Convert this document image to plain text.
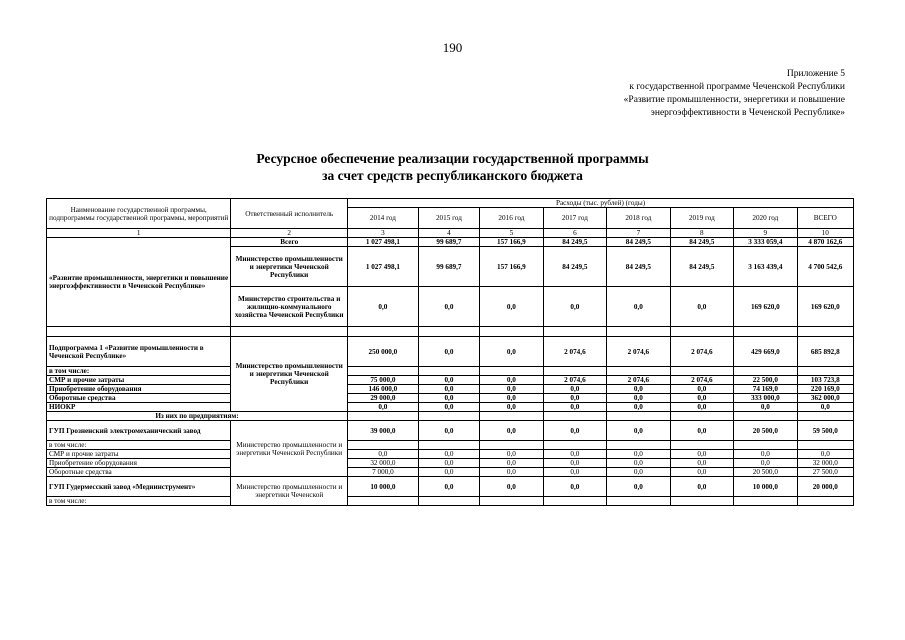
190
Приложение 5
к государственной программе Чеченской Республики
«Развитие промышленности, энергетики и повышение
энергоэффективности в Чеченской Республике»
Ресурсное обеспечение реализации государственной программы
за счет средств республиканского бюджета
Наименование государственной программы, подпрограммы государственной программы, мероприятий	Ответственный исполнитель	Расходы (тыс. рублей) (годы)							
		2014 год	2015 год	2016 год	2017 год	2018 год	2019 год	2020 год	ВСЕГО
1	2	3	4	5	6	7	8	9	10
«Развитие промышленности, энергетики и повышение энергоэффективности в Чеченской Республике»	Всего	1 027 498,1	99 689,7	157 166,9	84 249,5	84 249,5	84 249,5	3 333 059,4	4 870 162,6
	Министерство промышленности и энергетики Чеченской Республики	1 027 498,1	99 689,7	157 166,9	84 249,5	84 249,5	84 249,5	3 163 439,4	4 700 542,6
	Министерство строительства и жилищно-коммунального хозяйства Чеченской Республики	0,0	0,0	0,0	0,0	0,0	0,0	169 620,0	169 620,0

Подпрограмма 1 «Развитие промышленности в Чеченской Республике»	Министерство промышленности и энергетики Чеченской Республики	250 000,0	0,0	0,0	2 074,6	2 074,6	2 074,6	429 669,0	685 892,8
в том числе:									
СМР и прочие затраты		75 000,0	0,0	0,0	2 074,6	2 074,6	2 074,6	22 500,0	103 723,8
Приобретение оборудования		146 000,0	0,0	0,0	0,0	0,0	0,0	74 169,0	220 169,0
Оборотные средства		29 000,0	0,0	0,0	0,0	0,0	0,0	333 000,0	362 000,0
НИОКР		0,0	0,0	0,0	0,0	0,0	0,0	0,0	0,0
Из них по предприятиям:									
ГУП Грозненский электромеханический завод	Министерство промышленности и энергетики Чеченской Республики	39 000,0	0,0	0,0	0,0	0,0	0,0	20 500,0	59 500,0
в том числе:									
СМР и прочие затраты		0,0	0,0	0,0	0,0	0,0	0,0	0,0	0,0
Приобретение оборудования		32 000,0	0,0	0,0	0,0	0,0	0,0	0,0	32 000,0
Оборотные средства		7 000,0	0,0	0,0	0,0	0,0	0,0	20 500,0	27 500,0
ГУП Гудермесский завод «Медиинструмент»	Министерство промышленности и энергетики Чеченской	10 000,0	0,0	0,0	0,0	0,0	0,0	10 000,0	20 000,0
в том числе:									
